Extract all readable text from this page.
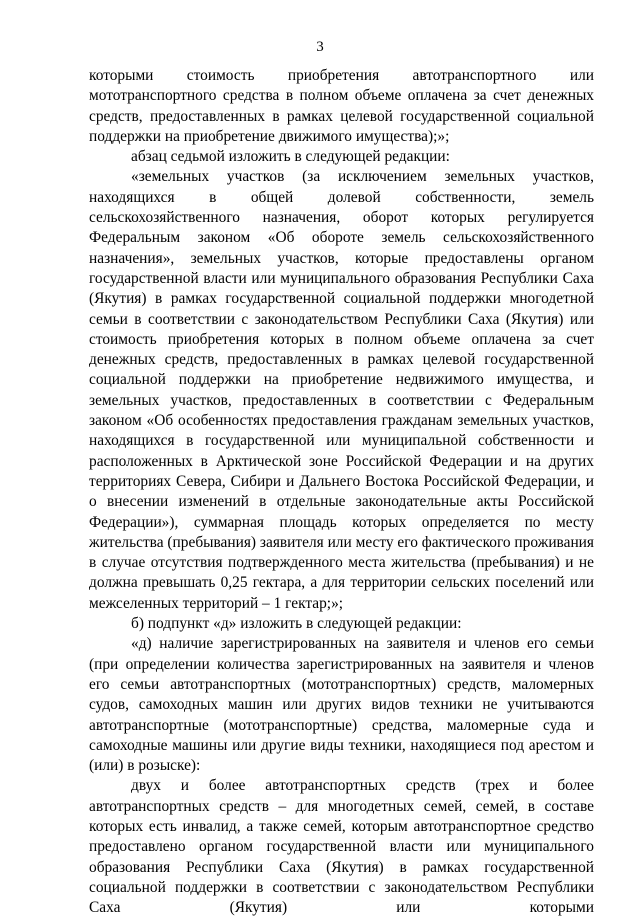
3

которыми стоимость приобретения автотранспортного или мототранспортного средства в полном объеме оплачена за счет денежных средств, предоставленных в рамках целевой государственной социальной поддержки на приобретение движимого имущества);»;

абзац седьмой изложить в следующей редакции:

«земельных участков (за исключением земельных участков, находящихся в общей долевой собственности, земель сельскохозяйственного назначения, оборот которых регулируется Федеральным законом «Об обороте земель сельскохозяйственного назначения», земельных участков, которые предоставлены органом государственной власти или муниципального образования Республики Саха (Якутия) в рамках государственной социальной поддержки многодетной семьи в соответствии с законодательством Республики Саха (Якутия) или стоимость приобретения которых в полном объеме оплачена за счет денежных средств, предоставленных в рамках целевой государственной социальной поддержки на приобретение недвижимого имущества, и земельных участков, предоставленных в соответствии с Федеральным законом «Об особенностях предоставления гражданам земельных участков, находящихся в государственной или муниципальной собственности и расположенных в Арктической зоне Российской Федерации и на других территориях Севера, Сибири и Дальнего Востока Российской Федерации, и о внесении изменений в отдельные законодательные акты Российской Федерации»), суммарная площадь которых определяется по месту жительства (пребывания) заявителя или месту его фактического проживания в случае отсутствия подтвержденного места жительства (пребывания) и не должна превышать 0,25 гектара, а для территории сельских поселений или межселенных территорий – 1 гектар;»;

б) подпункт «д» изложить в следующей редакции:

«д) наличие зарегистрированных на заявителя и членов его семьи (при определении количества зарегистрированных на заявителя и членов его семьи автотранспортных (мототранспортных) средств, маломерных судов, самоходных машин или других видов техники не учитываются автотранспортные (мототранспортные) средства, маломерные суда и самоходные машины или другие виды техники, находящиеся под арестом и (или) в розыске):

двух и более автотранспортных средств (трех и более автотранспортных средств – для многодетных семей, семей, в составе которых есть инвалид, а также семей, которым автотранспортное средство предоставлено органом государственной власти или муниципального образования Республики Саха (Якутия) в рамках государственной социальной поддержки в соответствии с законодательством Республики Саха (Якутия) или которыми
